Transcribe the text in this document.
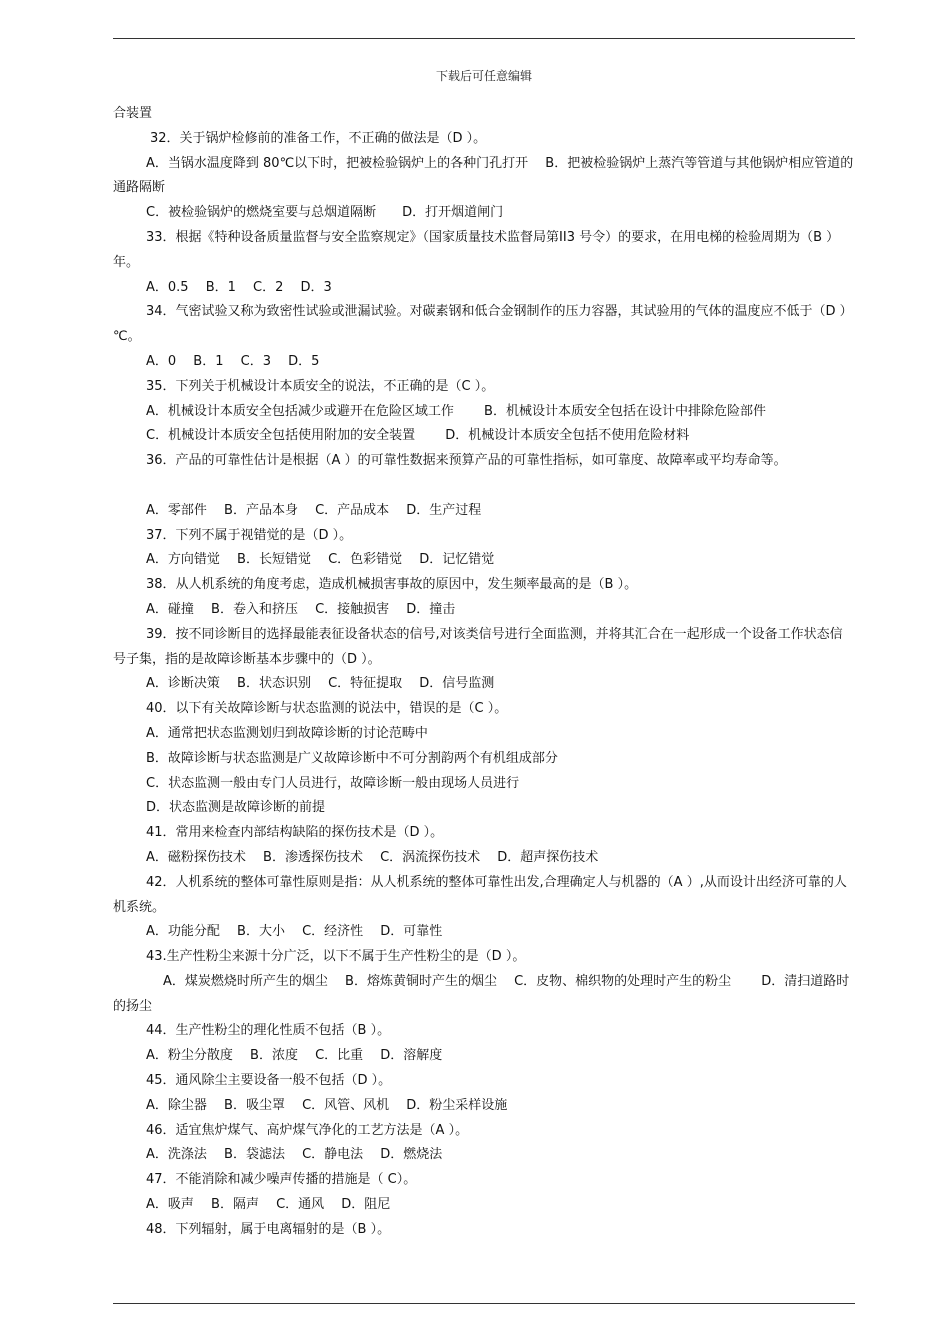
下载后可任意编辑

合装置

32．关于锅炉检修前的准备工作，不正确的做法是（D ）。

A．当锅水温度降到 80℃以下时，把被检验锅炉上的各种门孔打开　 B．把被检验锅炉上蒸汽等管道与其他锅炉相应管道的通路隔断

C．被检验锅炉的燃烧室要与总烟道隔断　　D．打开烟道闸门

33．根据《特种设备质量监督与安全监察规定》（国家质量技术监督局第ⅠI3 号令）的要求，在用电梯的检验周期为（B ）年。

A．0.5　 B．1　 C．2　 D．3

34．气密试验又称为致密性试验或泄漏试验。对碳素钢和低合金钢制作的压力容器，其试验用的气体的温度应不低于（D ）℃。

A．0　 B．1　 C．3　 D．5

35．下列关于机械设计本质安全的说法，不正确的是（C ）。

A．机械设计本质安全包括减少或避开在危险区域工作　　 B．机械设计本质安全包括在设计中排除危险部件

C．机械设计本质安全包括使用附加的安全装置　　 D．机械设计本质安全包括不使用危险材料

36．产品的可靠性估计是根据（A ）的可靠性数据来预算产品的可靠性指标，如可靠度、故障率或平均寿命等。

A．零部件　 B．产品本身　 C．产品成本　 D．生产过程

37．下列不属于视错觉的是（D ）。

A．方向错觉　 B．长短错觉　 C．色彩错觉　 D．记忆错觉

38．从人机系统的角度考虑，造成机械损害事故的原因中，发生频率最高的是（B ）。

A．碰撞　 B．卷入和挤压　 C．接触损害　 D．撞击

39．按不同诊断目的选择最能表征设备状态的信号,对该类信号进行全面监测，并将其汇合在一起形成一个设备工作状态信号子集，指的是故障诊断基本步骤中的（D ）。

A．诊断决策　 B．状态识别　 C．特征提取　 D．信号监测

40．以下有关故障诊断与状态监测的说法中，错误的是（C ）。

A．通常把状态监测划归到故障诊断的讨论范畴中

B．故障诊断与状态监测是广义故障诊断中不可分割韵两个有机组成部分

C．状态监测一般由专门人员进行，故障诊断一般由现场人员进行

D．状态监测是故障诊断的前提

41．常用来检查内部结构缺陷的探伤技术是（D ）。

A．磁粉探伤技术　 B．渗透探伤技术　 C．涡流探伤技术　 D．超声探伤技术

42．人机系统的整体可靠性原则是指：从人机系统的整体可靠性出发,合理确定人与机器的（A ）,从而设计出经济可靠的人机系统。

A．功能分配　 B．大小　 C．经济性　 D．可靠性

43.生产性粉尘来源十分广泛，以下不属于生产性粉尘的是（D ）。

A．煤炭燃烧时所产生的烟尘　 B．熔炼黄铜时产生的烟尘　 C．皮物、棉织物的处理时产生的粉尘　　 D．清扫道路时的扬尘

44．生产性粉尘的理化性质不包括（B ）。

A．粉尘分散度　 B．浓度　 C．比重　 D．溶解度

45．通风除尘主要设备一般不包括（D ）。

A．除尘器　 B．吸尘罩　 C．风管、风机　 D．粉尘采样设施

46．适宜焦炉煤气、高炉煤气净化的工艺方法是（A ）。

A．洗涤法　 B．袋滤法　 C．静电法　 D．燃烧法

47．不能消除和减少噪声传播的措施是（ C）。

A．吸声　 B．隔声　 C．通风　 D．阻尼

48．下列辐射，属于电离辐射的是（B ）。
